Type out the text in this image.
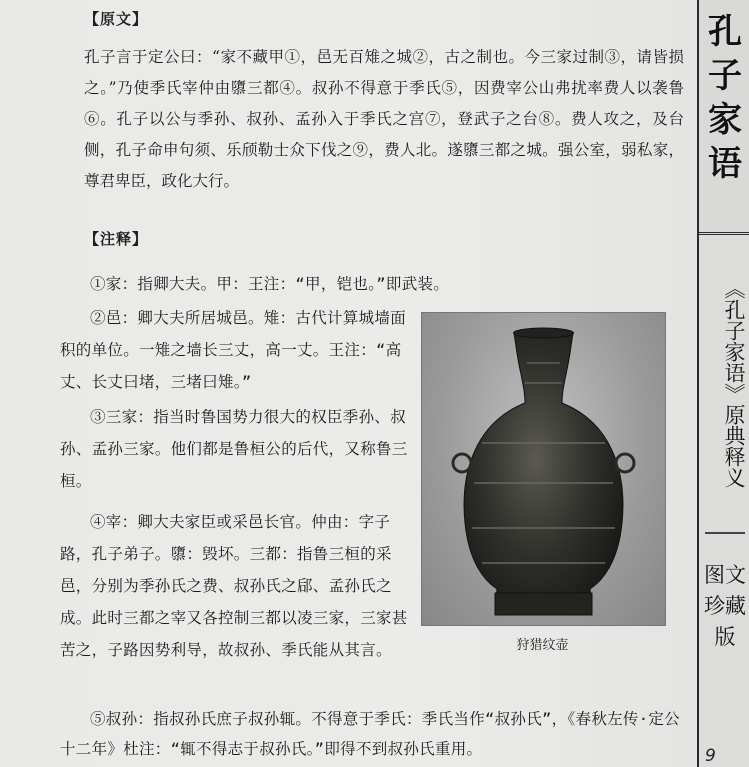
【原文】

孔子言于定公曰：“家不藏甲①，邑无百雉之城②，古之制也。今三家过制③，请皆损之。”乃使季氏宰仲由隳三都④。叔孙不得意于季氏⑤，因费宰公山弗扰率费人以袭鲁⑥。孔子以公与季孙、叔孙、孟孙入于季氏之宫⑦，登武子之台⑧。费人攻之，及台侧，孔子命申句须、乐颀勒士众下伐之⑨，费人北。遂隳三都之城。强公室，弱私家，尊君卑臣，政化大行。

【注释】

①家：指卿大夫。甲：王注：“甲，铠也。”即武装。

②邑：卿大夫所居城邑。雉：古代计算城墙面积的单位。一雉之墙长三丈，高一丈。王注：“高丈、长丈曰堵，三堵曰雉。”

③三家：指当时鲁国势力很大的权臣季孙、叔孙、孟孙三家。他们都是鲁桓公的后代，又称鲁三桓。

④宰：卿大夫家臣或采邑长官。仲由：字子路，孔子弟子。隳：毁坏。三都：指鲁三桓的采邑，分别为季孙氏之费、叔孙氏之郈、孟孙氏之成。此时三都之宰又各控制三都以凌三家，三家甚苦之，子路因势利导，故叔孙、季氏能从其言。

⑤叔孙：指叔孙氏庶子叔孙辄。不得意于季氏：季氏当作“叔孙氏”，《春秋左传·定公十二年》杜注：“辄不得志于叔孙氏。”即得不到叔孙氏重用。

狩猎纹壶
孔子家语
《孔子家语》原典释义
图文珍藏版
9
